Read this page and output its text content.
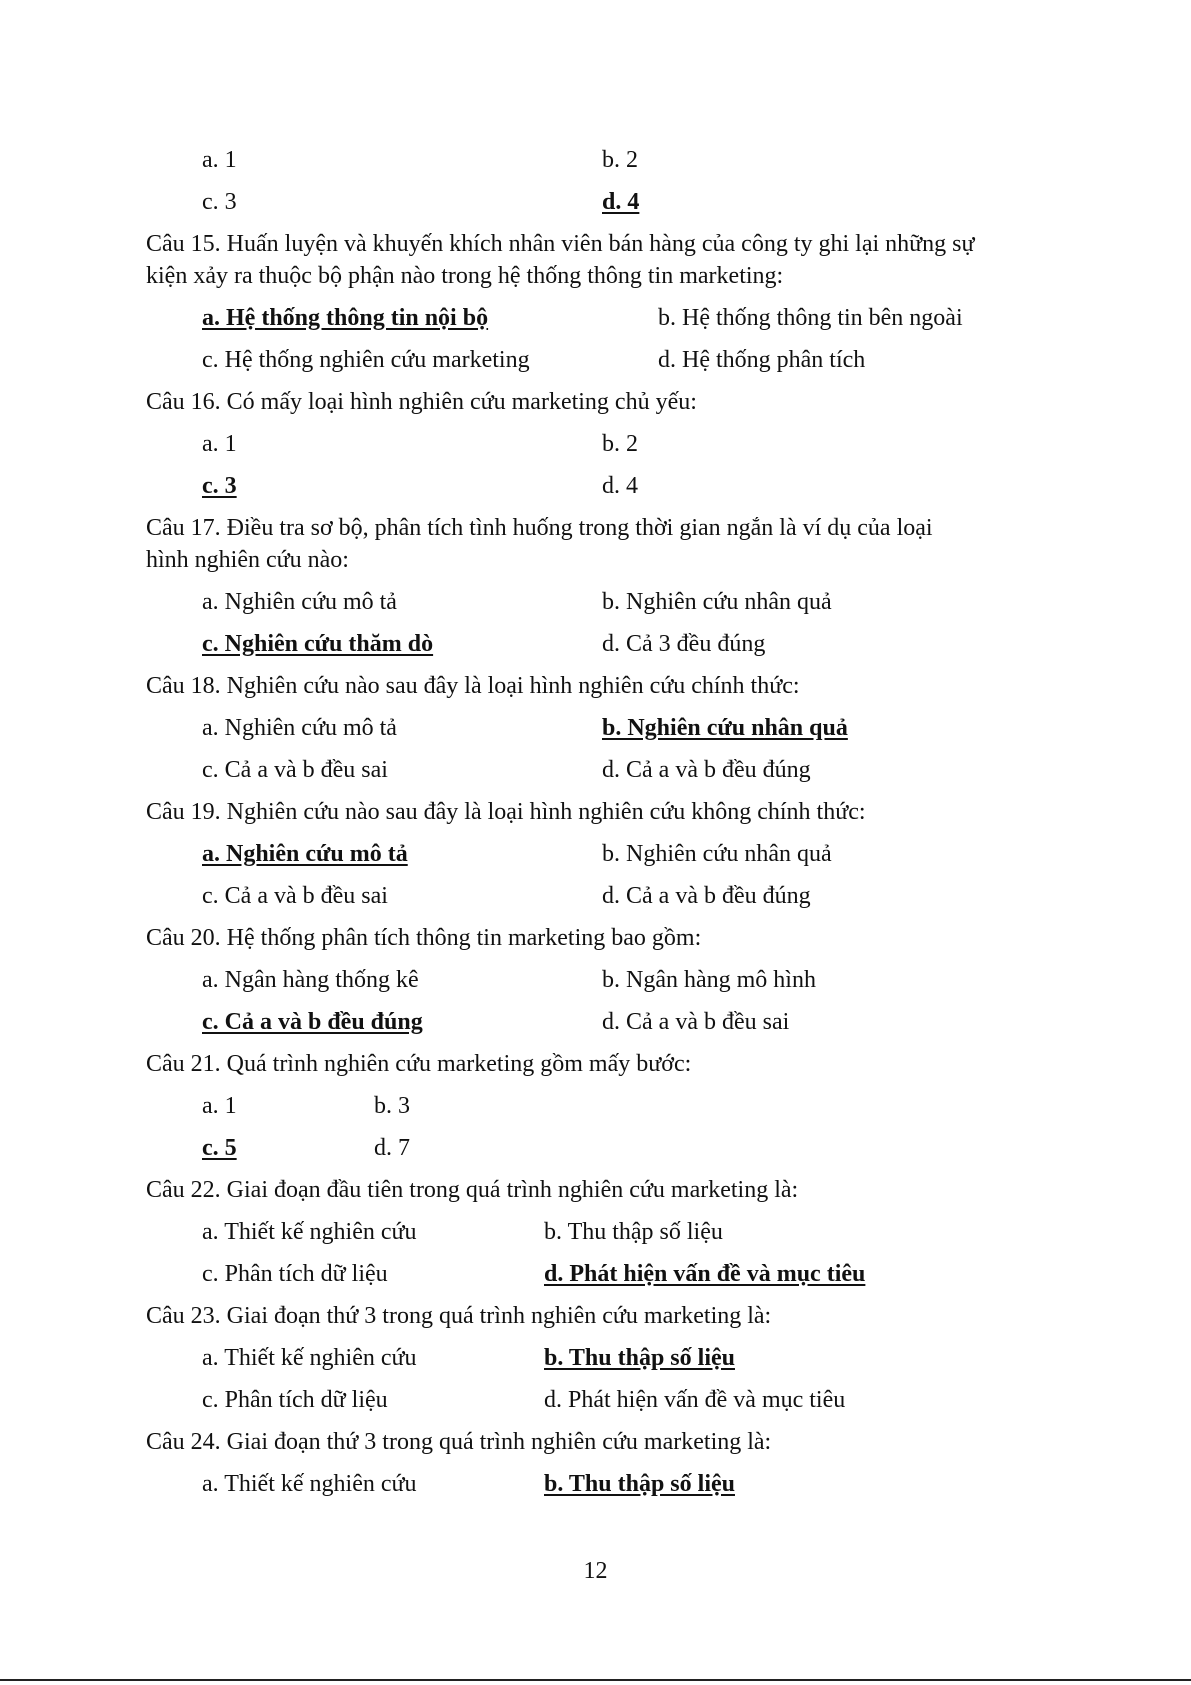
a. 1	b. 2
c. 3	d. 4
Câu 15. Huấn luyện và khuyến khích nhân viên bán hàng của công ty ghi lại những sự
kiện xảy ra thuộc bộ phận nào trong hệ thống thông tin marketing:
a. Hệ thống thông tin nội bộ	b. Hệ thống thông tin bên ngoài
c. Hệ thống nghiên cứu marketing	d. Hệ thống phân tích
Câu 16. Có mấy loại hình nghiên cứu marketing chủ yếu:
a. 1	b. 2
c. 3	d. 4
Câu 17. Điều tra sơ bộ, phân tích tình huống trong thời gian ngắn là ví dụ của loại
hình nghiên cứu nào:
a. Nghiên cứu mô tả	b. Nghiên cứu nhân quả
c. Nghiên cứu thăm dò	d. Cả 3 đều đúng
Câu 18. Nghiên cứu nào sau đây là loại hình nghiên cứu chính thức:
a. Nghiên cứu mô tả	b. Nghiên cứu nhân quả
c. Cả a và b đều sai	d. Cả a và b đều đúng
Câu 19. Nghiên cứu nào sau đây là loại hình nghiên cứu không chính thức:
a. Nghiên cứu mô tả	b. Nghiên cứu nhân quả
c. Cả a và b đều sai	d. Cả a và b đều đúng
Câu 20. Hệ thống phân tích thông tin marketing bao gồm:
a. Ngân hàng thống kê	b. Ngân hàng mô hình
c. Cả a và b đều đúng	d. Cả a và b đều sai
Câu 21. Quá trình nghiên cứu marketing gồm mấy bước:
a. 1	b. 3
c. 5	d. 7
Câu 22. Giai đoạn đầu tiên trong quá trình nghiên cứu marketing là:
a. Thiết kế nghiên cứu	b. Thu thập số liệu
c. Phân tích dữ liệu	d. Phát hiện vấn đề và mục tiêu
Câu 23. Giai đoạn thứ 3 trong quá trình nghiên cứu marketing là:
a. Thiết kế nghiên cứu	b. Thu thập số liệu
c. Phân tích dữ liệu	d. Phát hiện vấn đề và mục tiêu
Câu 24. Giai đoạn thứ 3 trong quá trình nghiên cứu marketing là:
a. Thiết kế nghiên cứu	b. Thu thập số liệu
12
